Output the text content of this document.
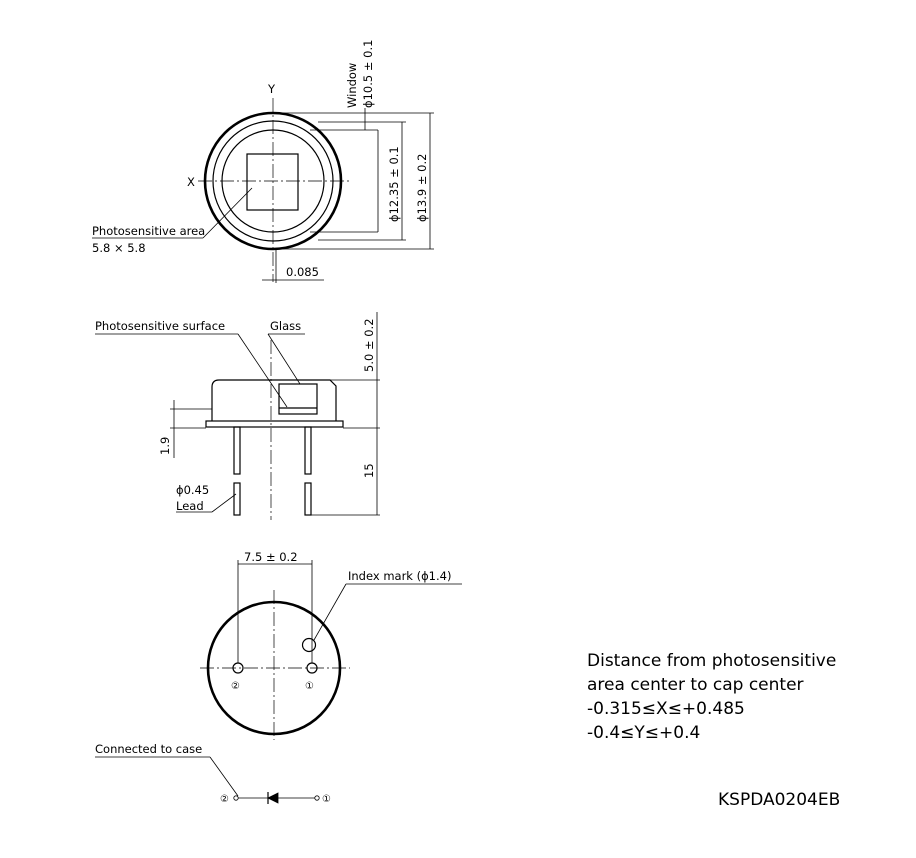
Y
X
Window ϕ10.5 ± 0.1
ϕ12.35 ± 0.1 ϕ13.9 ± 0.2
Photosensitive area
5.8 × 5.8
0.085
Photosensitive surface	Glass	5.0 ± 0.2
15
1.9
ϕ0.45
Lead
②	①
7.5 ± 0.2
Index mark (ϕ1.4)
Connected to case
②	①
Distance from photosensitive
area center to cap center
-0.315≤X≤+0.485
-0.4≤Y≤+0.4
KSPDA0204EB
